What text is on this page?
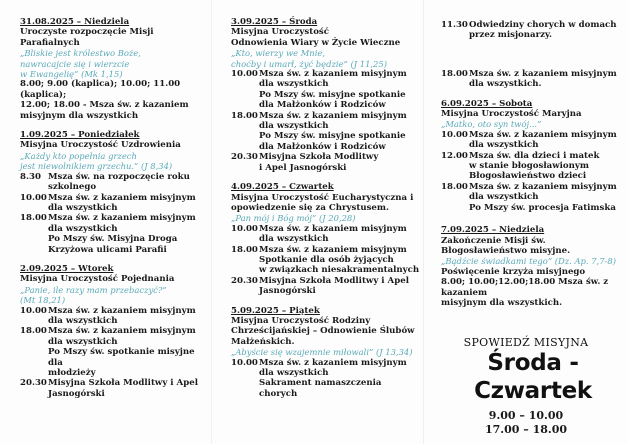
31.08.2025 – Niedziela
Uroczyste rozpoczęcie Misji Parafialnych
„Bliskie jest królestwo Boże,
nawracajcie się i wierzcie
w Ewangelię” (Mk 1,15)
8.00; 9.00 (kaplica); 10.00; 11.00 (kaplica);
12.00; 18.00 - Msza św. z kazaniem
misyjnym dla wszystkich
1.09.2025 – Poniedziałek
Misyjna Uroczystość Uzdrowienia
„Każdy kto popełnia grzech
jest niewolnikiem grzechu.” (J 8,34)
8.30 Msza św. na rozpoczęcie roku
szkolnego
10.00 Msza św. z kazaniem misyjnym
dla wszystkich
18.00 Msza św. z kazaniem misyjnym
dla wszystkich
Po Mszy św. Misyjna Droga
Krzyżowa ulicami Parafii
2.09.2025 – Wtorek
Misyjna Uroczystość Pojednania
„Panie, ile razy mam przebaczyć?”
(Mt 18,21)
10.00 Msza św. z kazaniem misyjnym
dla wszystkich
18.00 Msza św. z kazaniem misyjnym
dla wszystkich
Po Mszy św. spotkanie misyjne dla
młodzieży
20.30 Misyjna Szkoła Modlitwy i Apel
Jasnogórski
3.09.2025 – Środa
Misyjna Uroczystość
Odnowienia Wiary w Życie Wieczne
„Kto, wierzy we Mnie,
choćby i umarł, żyć będzie” (J 11,25)
10.00 Msza św. z kazaniem misyjnym
dla wszystkich
Po Mszy św. misyjne spotkanie
dla Małżonków i Rodziców
18.00 Msza św. z kazaniem misyjnym
dla wszystkich
Po Mszy św. misyjne spotkanie
dla Małżonków i Rodziców
20.30 Misyjna Szkoła Modlitwy
i Apel Jasnogórski
4.09.2025 – Czwartek
Misyjna Uroczystość Eucharystyczna i
opowiedzenie się za Chrystusem.
„Pan mój i Bóg mój” (J 20,28)
10.00 Msza św. z kazaniem misyjnym
dla wszystkich
18.00 Msza św. z kazaniem misyjnym
Spotkanie dla osób żyjących
w związkach niesakramentalnych
20.30 Misyjna Szkoła Modlitwy i Apel
Jasnogórski
5.09.2025 – Piątek
Misyjna Uroczystość Rodziny
Chrześcijańskiej – Odnowienie Ślubów
Małżeńskich.
„Abyście się wzajemnie miłowali” (J 13,34)
10.00 Msza św. z kazaniem misyjnym
dla wszystkich
Sakrament namaszczenia chorych
11.30 Odwiedziny chorych w domach
przez misjonarzy.
18.00 Msza św. z kazaniem misyjnym
dla wszystkich.
6.09.2025 – Sobota
Misyjna Uroczystość Maryjna
„Matko, oto syn twój...”
10.00 Msza św. z kazaniem misyjnym
dla wszystkich
12.00 Msza św. dla dzieci i matek
w stanie błogosławionym
Błogosławieństwo dzieci
18.00 Msza św. z kazaniem misyjnym
dla wszystkich
Po Mszy św. procesja Fatimska
7.09.2025 – Niedziela
Zakończenie Misji św.
Błogosławieństwo misyjne.
„Bądźcie świadkami tego” (Dz. Ap. 7,7-8)
Poświęcenie krzyża misyjnego
8.00; 10.00;12.00;18.00 Msza św. z kazaniem
misyjnym dla wszystkich.
SPOWIEDŹ MISYJNA
Środa - Czwartek
9.00 – 10.00
17.00 – 18.00
